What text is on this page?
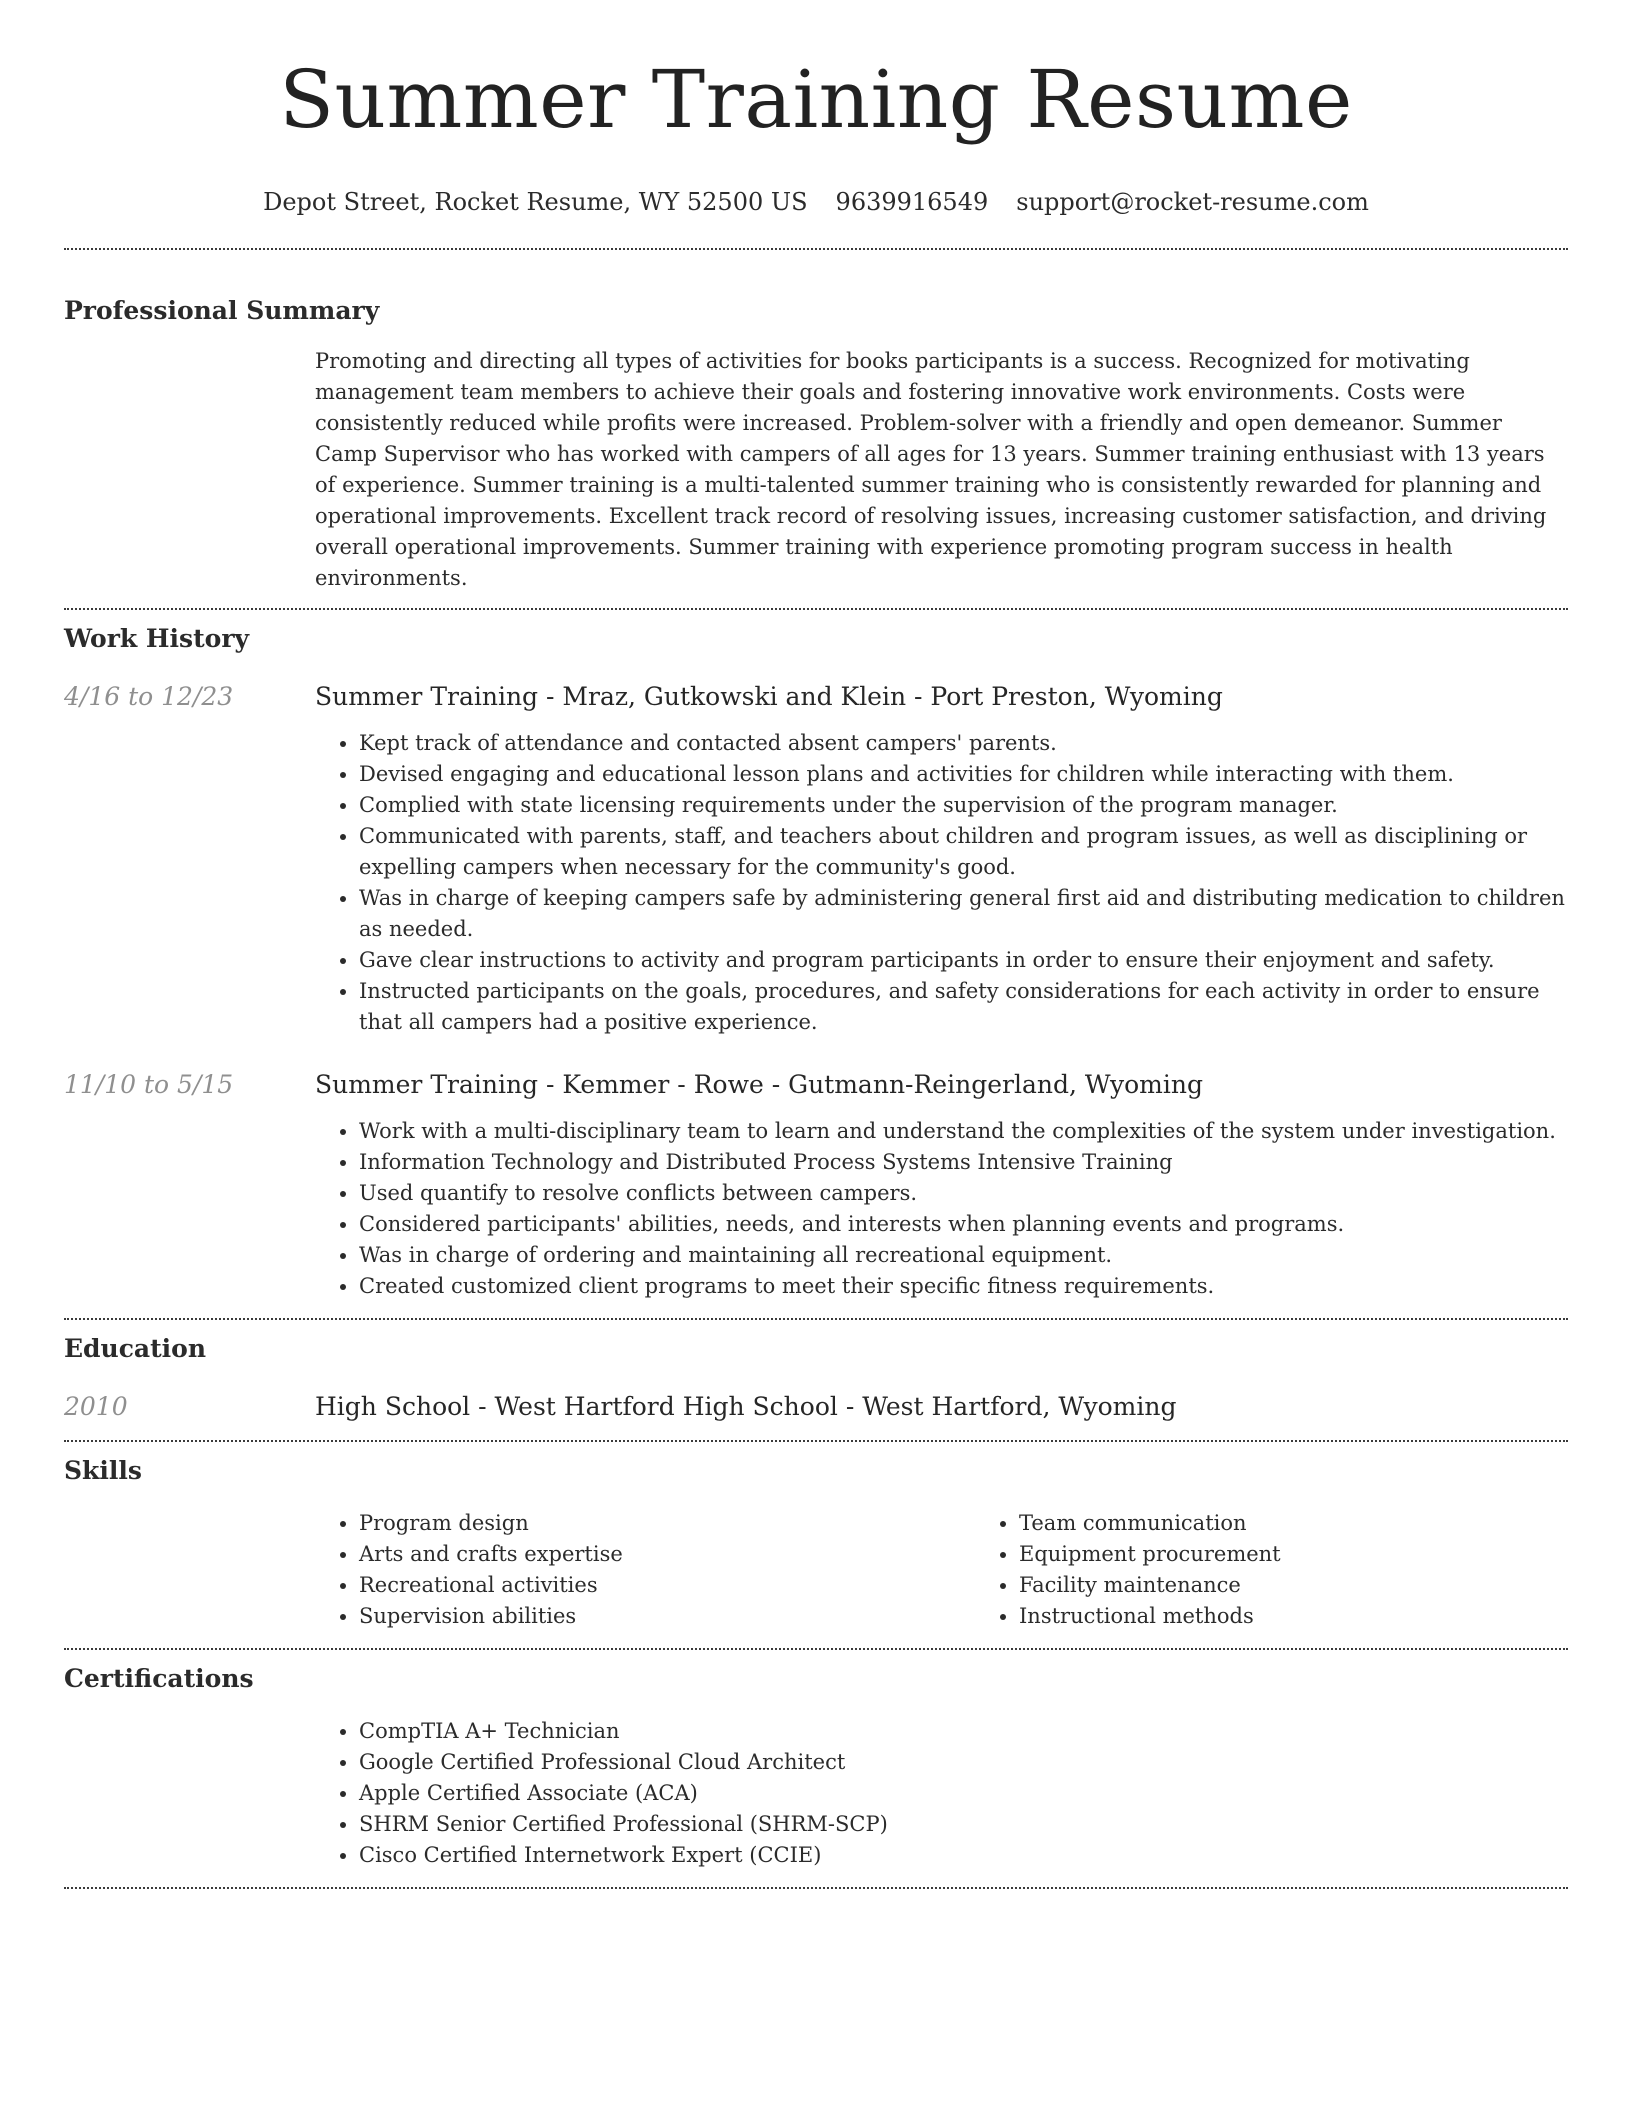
Summer Training Resume
Depot Street, Rocket Resume, WY 52500 US 9639916549 support@rocket-resume.com
Professional Summary

Promoting and directing all types of activities for books participants is a success. Recognized for motivating management team members to achieve their goals and fostering innovative work environments. Costs were consistently reduced while profits were increased. Problem-solver with a friendly and open demeanor. Summer Camp Supervisor who has worked with campers of all ages for 13 years. Summer training enthusiast with 13 years of experience. Summer training is a multi-talented summer training who is consistently rewarded for planning and operational improvements. Excellent track record of resolving issues, increasing customer satisfaction, and driving overall operational improvements. Summer training with experience promoting program success in health environments.

Work History
4/16 to 12/23	Summer Training - Mraz, Gutkowski and Klein - Port Preston, Wyoming
• Kept track of attendance and contacted absent campers' parents.
• Devised engaging and educational lesson plans and activities for children while interacting with them.
• Complied with state licensing requirements under the supervision of the program manager.
• Communicated with parents, staff, and teachers about children and program issues, as well as disciplining or expelling campers when necessary for the community's good.
• Was in charge of keeping campers safe by administering general first aid and distributing medication to children as needed.
• Gave clear instructions to activity and program participants in order to ensure their enjoyment and safety.
• Instructed participants on the goals, procedures, and safety considerations for each activity in order to ensure that all campers had a positive experience.
11/10 to 5/15	Summer Training - Kemmer - Rowe - Gutmann-Reingerland, Wyoming
• Work with a multi-disciplinary team to learn and understand the complexities of the system under investigation.
• Information Technology and Distributed Process Systems Intensive Training
• Used quantify to resolve conflicts between campers.
• Considered participants' abilities, needs, and interests when planning events and programs.
• Was in charge of ordering and maintaining all recreational equipment.
• Created customized client programs to meet their specific fitness requirements.
Education
2010	High School - West Hartford High School - West Hartford, Wyoming
Skills
• Program design
• Arts and crafts expertise
• Recreational activities
• Supervision abilities
• Team communication
• Equipment procurement
• Facility maintenance
• Instructional methods
Certifications
• CompTIA A+ Technician
• Google Certified Professional Cloud Architect
• Apple Certified Associate (ACA)
• SHRM Senior Certified Professional (SHRM-SCP)
• Cisco Certified Internetwork Expert (CCIE)
